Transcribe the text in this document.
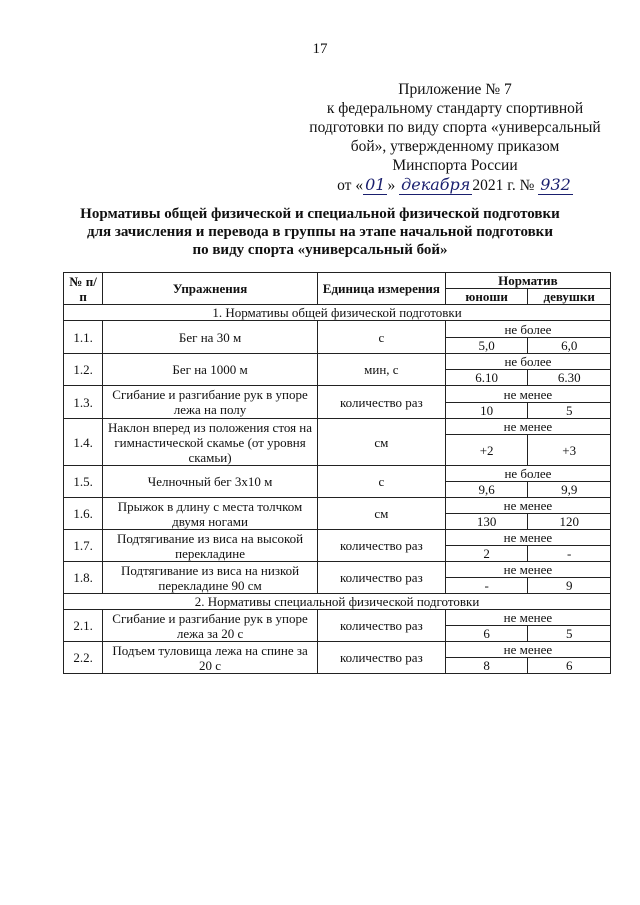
17
Приложение № 7
к федеральному стандарту спортивной
подготовки по виду спорта «универсальный
бой», утвержденному приказом
Минспорта России
от « 01 » декабря 2021 г. № 932
Нормативы общей физической и специальной физической подготовки
для зачисления и перевода в группы на этапе начальной подготовки
по виду спорта «универсальный бой»
№ п/п	Упражнения	Единица измерения	Норматив	
			юноши	девушки
1. Нормативы общей физической подготовки				
1.1.	Бег на 30 м	с	не более	
			5,0	6,0
1.2.	Бег на 1000 м	мин, с	не более	
			6.10	6.30
1.3.	Сгибание и разгибание рук в упоре лежа на полу	количество раз	не менее	
			10	5
1.4.	Наклон вперед из положения стоя на гимнастической скамье (от уровня скамьи)	см	не менее	
			+2	+3
1.5.	Челночный бег 3x10 м	с	не более	
			9,6	9,9
1.6.	Прыжок в длину с места толчком двумя ногами	см	не менее	
			130	120
1.7.	Подтягивание из виса на высокой перекладине	количество раз	не менее	
			2	-
1.8.	Подтягивание из виса на низкой перекладине 90 см	количество раз	не менее	
			-	9
2. Нормативы специальной физической подготовки				
2.1.	Сгибание и разгибание рук в упоре лежа за 20 с	количество раз	не менее	
			6	5
2.2.	Подъем туловища лежа на спине за 20 с	количество раз	не менее	
			8	6
